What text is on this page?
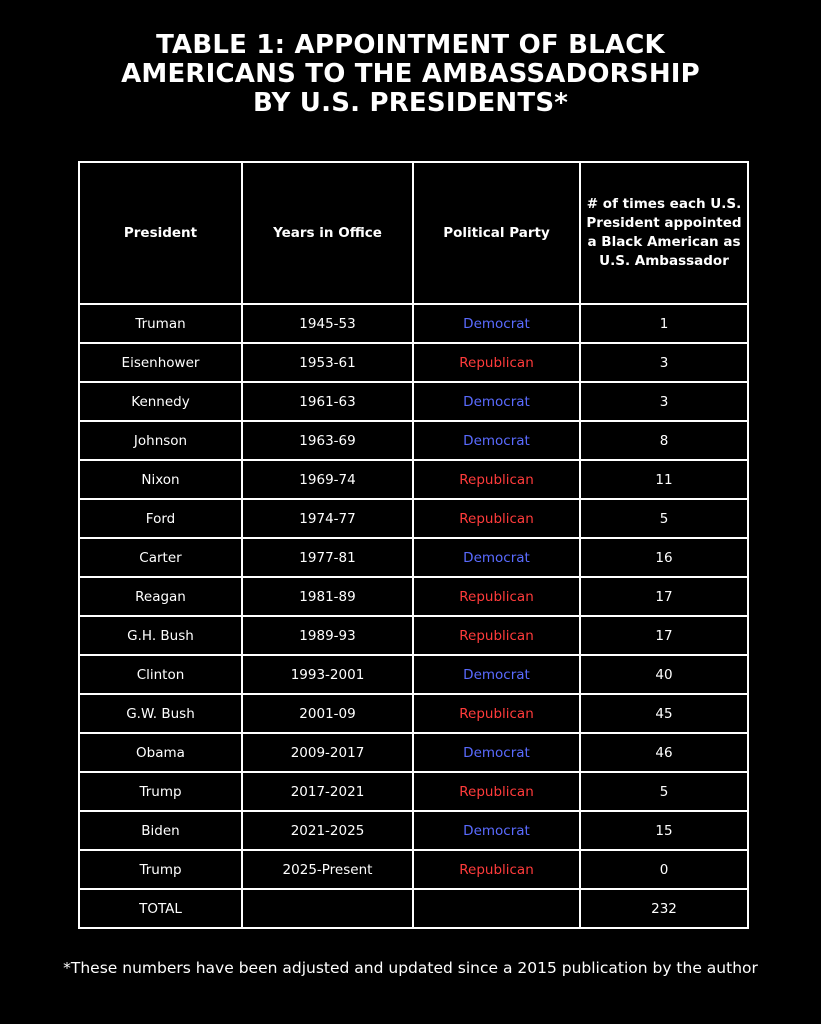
TABLE 1: APPOINTMENT OF BLACK
AMERICANS TO THE AMBASSADORSHIP
BY U.S. PRESIDENTS*
President	Years in Office	Political Party	# of times each U.S. President appointed a Black American as U.S. Ambassador
Truman	1945-53	Democrat	1
Eisenhower	1953-61	Republican	3
Kennedy	1961-63	Democrat	3
Johnson	1963-69	Democrat	8
Nixon	1969-74	Republican	11
Ford	1974-77	Republican	5
Carter	1977-81	Democrat	16
Reagan	1981-89	Republican	17
G.H. Bush	1989-93	Republican	17
Clinton	1993-2001	Democrat	40
G.W. Bush	2001-09	Republican	45
Obama	2009-2017	Democrat	46
Trump	2017-2021	Republican	5
Biden	2021-2025	Democrat	15
Trump	2025-Present	Republican	0
TOTAL			232
*These numbers have been adjusted and updated since a 2015 publication by the author
